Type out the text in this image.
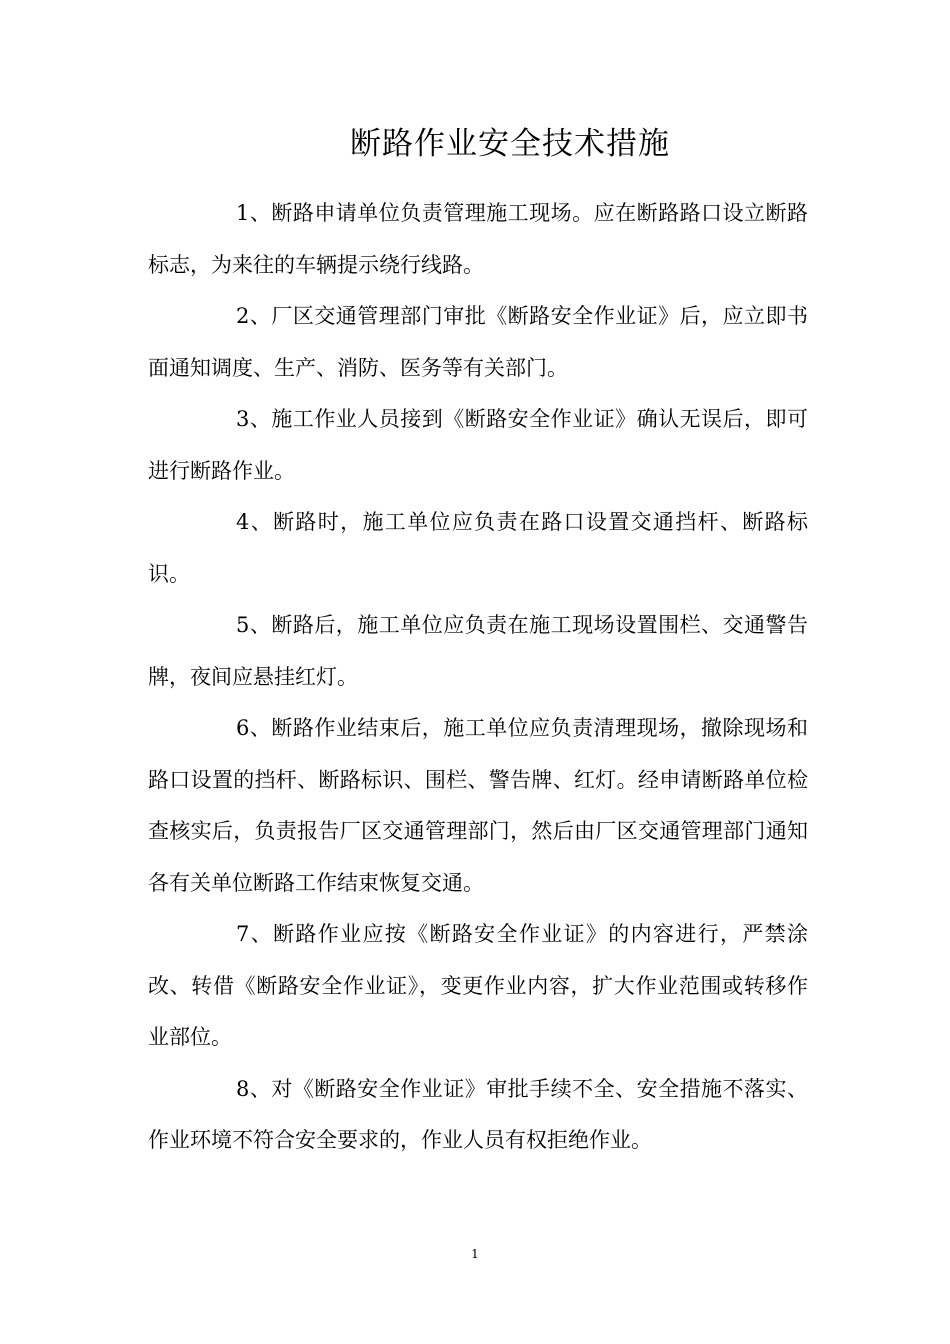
断路作业安全技术措施

1、断路申请单位负责管理施工现场。应在断路路口设立断路标志，为来往的车辆提示绕行线路。

2、厂区交通管理部门审批《断路安全作业证》后，应立即书面通知调度、生产、消防、医务等有关部门。

3、施工作业人员接到《断路安全作业证》确认无误后，即可进行断路作业。

4、断路时，施工单位应负责在路口设置交通挡杆、断路标识。

5、断路后，施工单位应负责在施工现场设置围栏、交通警告牌，夜间应悬挂红灯。

6、断路作业结束后，施工单位应负责清理现场，撤除现场和路口设置的挡杆、断路标识、围栏、警告牌、红灯。经申请断路单位检查核实后，负责报告厂区交通管理部门，然后由厂区交通管理部门通知各有关单位断路工作结束恢复交通。

7、断路作业应按《断路安全作业证》的内容进行，严禁涂改、转借《断路安全作业证》，变更作业内容，扩大作业范围或转移作业部位。

8、对《断路安全作业证》审批手续不全、安全措施不落实、作业环境不符合安全要求的，作业人员有权拒绝作业。

1
